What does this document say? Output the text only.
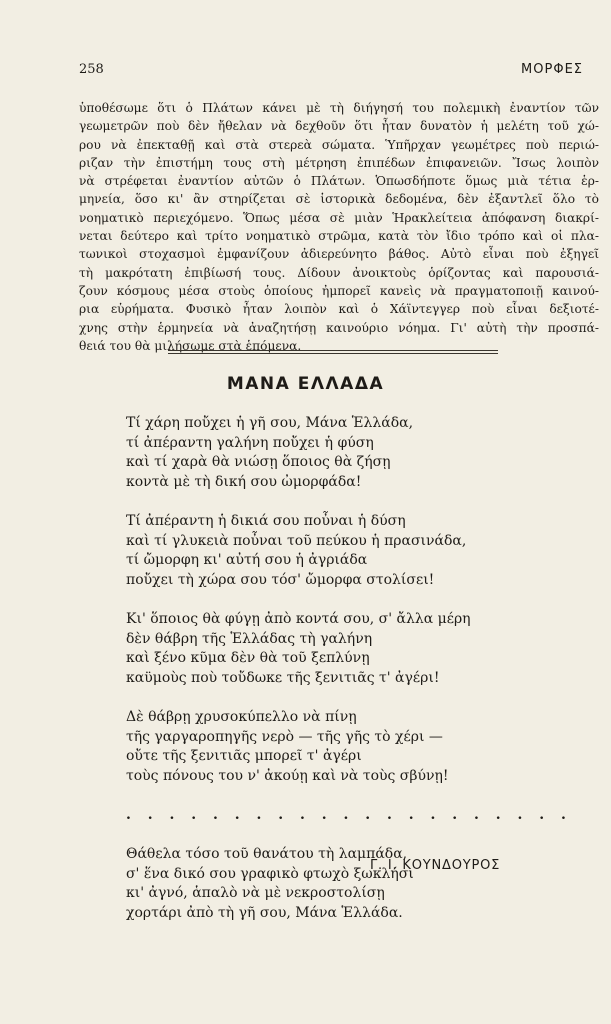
258	ΜΟΡΦΕΣ
ὑποθέσωμε ὅτι ὁ Πλάτων κάνει μὲ τὴ διήγησή του πολεμικὴ ἐναντίον τῶν
γεωμετρῶν ποὺ δὲν ἤθελαν νὰ δεχθοῦν ὅτι ἦταν δυνατὸν ἡ μελέτη τοῦ χώ-
ρου νὰ ἐπεκταθῇ καὶ στὰ στερεὰ σώματα. Ὑπῆρχαν γεωμέτρες ποὺ περιώ-
ριζαν τὴν ἐπιστήμη τους στὴ μέτρηση ἐπιπέδων ἐπιφανειῶν. Ἴσως λοιπὸν
νὰ στρέφεται ἐναντίον αὐτῶν ὁ Πλάτων. Ὁπωσδήποτε ὅμως μιὰ τέτια ἑρ-
μηνεία, ὅσο κι' ἂν στηρίζεται σὲ ἱστορικὰ δεδομένα, δὲν ἐξαντλεῖ ὅλο τὸ
νοηματικὸ περιεχόμενο. Ὅπως μέσα σὲ μιὰν Ἡρακλείτεια ἀπόφανση διακρί-
νεται δεύτερο καὶ τρίτο νοηματικὸ στρῶμα, κατὰ τὸν ἴδιο τρόπο καὶ οἱ πλα-
τωνικοὶ στοχασμοὶ ἐμφανίζουν ἀδιερεύνητο βάθος. Αὐτὸ εἶναι ποὺ ἐξηγεῖ
τὴ μακρότατη ἐπιβίωσή τους. Δίδουν ἀνοικτοὺς ὁρίζοντας καὶ παρουσιά-
ζουν κόσμους μέσα στοὺς ὁποίους ἠμπορεῖ κανεὶς νὰ πραγματοποιῇ καινού-
ρια εὑρήματα. Φυσικὸ ἦταν λοιπὸν καὶ ὁ Χάϊντεγγερ ποὺ εἶναι δεξιοτέ-
χνης στὴν ἑρμηνεία νὰ ἀναζητήσῃ καινούριο νόημα. Γι' αὐτὴ τὴν προσπά-
θειά του θὰ μιλήσωμε στὰ ἑπόμενα.
ΜΑΝΑ ΕΛΛΑΔΑ
Τί χάρη ποὔχει ἡ γῆ σου, Μάνα Ἑλλάδα,
τί ἀπέραντη γαλήνη ποὔχει ἡ φύση
καὶ τί χαρὰ θὰ νιώσῃ ὅποιος θὰ ζήσῃ
κοντὰ μὲ τὴ δική σου ὠμορφάδα!
Τί ἀπέραντη ἡ δικιά σου ποὖναι ἡ δύση
καὶ τί γλυκειὰ ποὖναι τοῦ πεύκου ἡ πρασινάδα,
τί ὤμορφη κι' αὐτή σου ἡ ἀγριάδα
ποὔχει τὴ χώρα σου τόσ' ὤμορφα στολίσει!
Κι' ὅποιος θὰ φύγῃ ἀπὸ κοντά σου, σ' ἄλλα μέρη
δὲν θάβρη τῆς Ἑλλάδας τὴ γαλήνη
καὶ ξένο κῦμα δὲν θὰ τοῦ ξεπλύνῃ
καϋμοὺς ποὺ τοὔδωκε τῆς ξενιτιᾶς τ' ἀγέρι!
Δὲ θάβρῃ χρυσοκύπελλο νὰ πίνῃ
τῆς γαργαροπηγῆς νερὸ — τῆς γῆς τὸ χέρι —
οὔτε τῆς ξενιτιᾶς μπορεῖ τ' ἀγέρι
τοὺς πόνους του ν' ἀκούῃ καὶ νὰ τοὺς σβύνῃ!
. . . . . . . . . . . . . . . . . . . . .
Θάθελα τόσο τοῦ θανάτου τὴ λαμπάδα,
σ' ἕνα δικό σου γραφικὸ φτωχὸ ξωκλήσι
κι' ἀγνό, ἁπαλὸ νὰ μὲ νεκροστολίσῃ
χορτάρι ἀπὸ τὴ γῆ σου, Μάνα Ἑλλάδα.
Γ. Ι. ΚΟΥΝΔΟΥΡΟΣ
